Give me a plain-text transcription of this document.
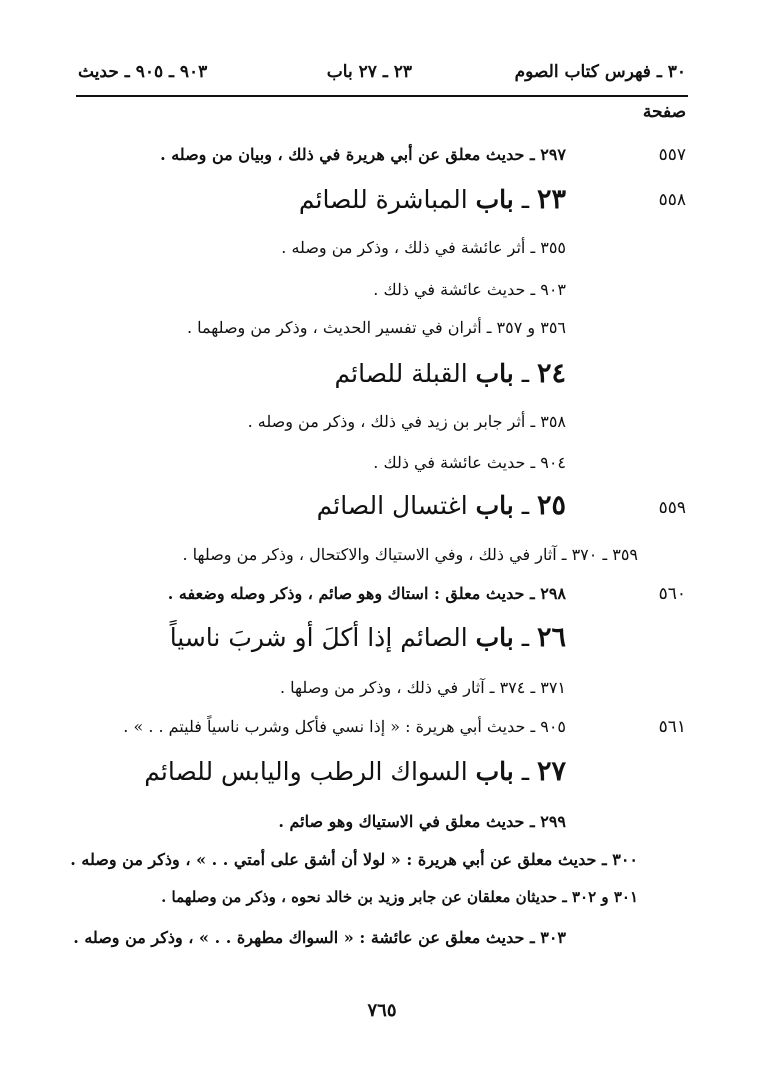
٣٠ ـ فهرس كتاب الصوم
٢٣ ـ ٢٧ باب
٩٠٣ ـ ٩٠٥ ـ حديث
صفحة
٥٥٧
٢٩٧ ـ حديث معلق عن أبي هريرة في ذلك ، وبيان من وصله .
٥٥٨
٢٣ ـ باب المباشرة للصائم
٣٥٥ ـ أثر عائشة في ذلك ، وذكر من وصله .
٩٠٣ ـ حديث عائشة في ذلك .
٣٥٦ و ٣٥٧ ـ أثران في تفسير الحديث ، وذكر من وصلهما .
٢٤ ـ باب القبلة للصائم
٣٥٨ ـ أثر جابر بن زيد في ذلك ، وذكر من وصله .
٩٠٤ ـ حديث عائشة في ذلك .
٥٥٩
٢٥ ـ باب اغتسال الصائم
٣٥٩ ـ ٣٧٠ ـ آثار في ذلك ، وفي الاستياك والاكتحال ، وذكر من وصلها .
٥٦٠
٢٩٨ ـ حديث معلق : استاك وهو صائم ، وذكر وصله وضعفه .
٢٦ ـ باب الصائم إذا أكلَ أو شربَ ناسياً
٣٧١ ـ ٣٧٤ ـ آثار في ذلك ، وذكر من وصلها .
٥٦١
٩٠٥ ـ حديث أبي هريرة : « إذا نسي فأكل وشرب ناسياً فليتم . . » .
٢٧ ـ باب السواك الرطب واليابس للصائم
٢٩٩ ـ حديث معلق في الاستياك وهو صائم .
٣٠٠ ـ حديث معلق عن أبي هريرة : « لولا أن أشق على أمتي . . » ، وذكر من وصله .
٣٠١ و ٣٠٢ ـ حديثان معلقان عن جابر وزيد بن خالد نحوه ، وذكر من وصلهما .
٣٠٣ ـ حديث معلق عن عائشة : « السواك مطهرة . . » ، وذكر من وصله .
٧٦٥
